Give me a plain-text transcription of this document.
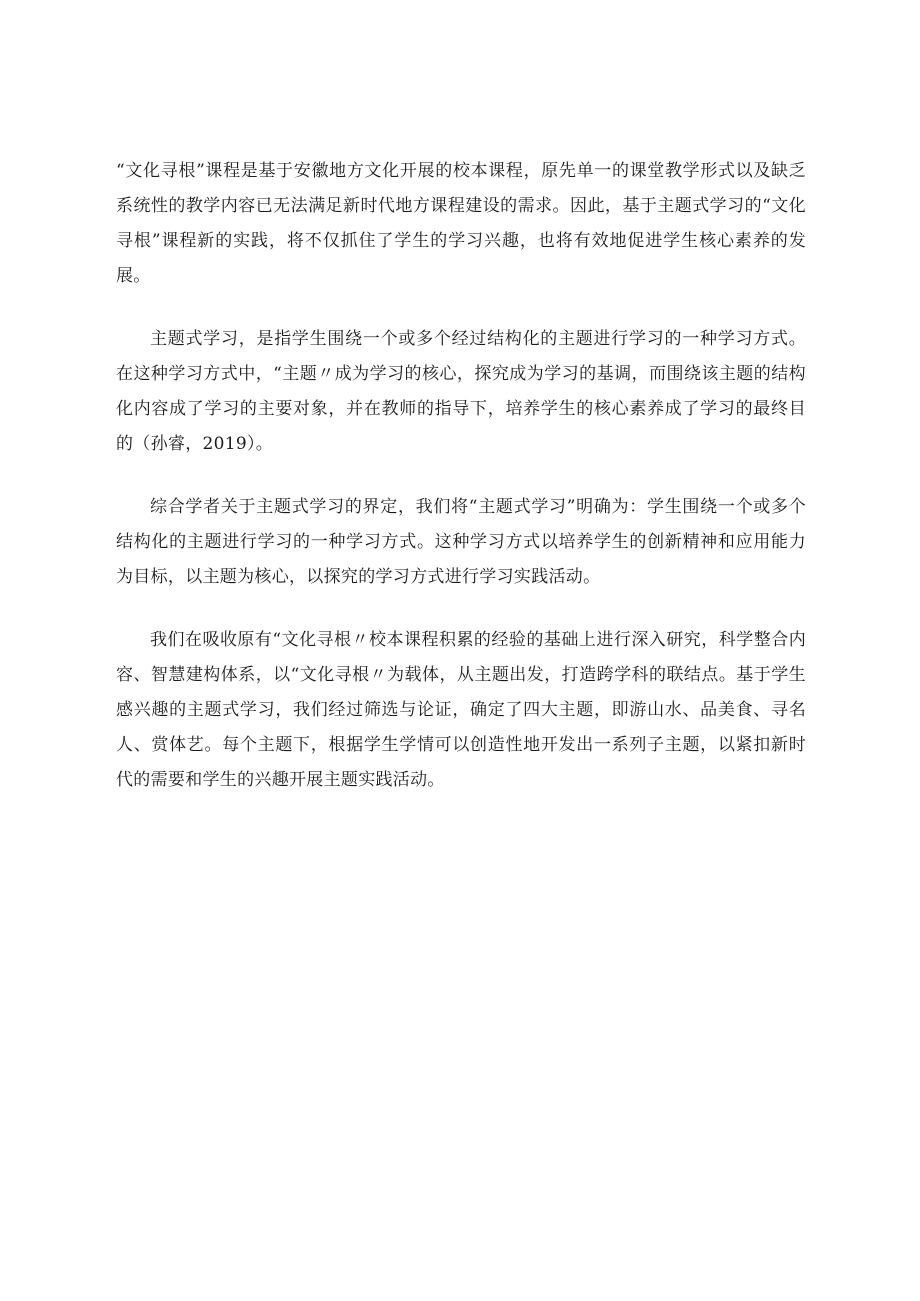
“文化寻根”课程是基于安徽地方文化开展的校本课程，原先单一的课堂教学形式以及缺乏系统性的教学内容已无法满足新时代地方课程建设的需求。因此，基于主题式学习的“文化寻根”课程新的实践，将不仅抓住了学生的学习兴趣，也将有效地促进学生核心素养的发展。

主题式学习，是指学生围绕一个或多个经过结构化的主题进行学习的一种学习方式。在这种学习方式中，“主题〃成为学习的核心，探究成为学习的基调，而围绕该主题的结构化内容成了学习的主要对象，并在教师的指导下，培养学生的核心素养成了学习的最终目的（孙睿，2019）。

综合学者关于主题式学习的界定，我们将“主题式学习”明确为：学生围绕一个或多个结构化的主题进行学习的一种学习方式。这种学习方式以培养学生的创新精神和应用能力为目标，以主题为核心，以探究的学习方式进行学习实践活动。

我们在吸收原有“文化寻根〃校本课程积累的经验的基础上进行深入研究，科学整合内容、智慧建构体系，以“文化寻根〃为载体，从主题出发，打造跨学科的联结点。基于学生感兴趣的主题式学习，我们经过筛选与论证，确定了四大主题，即游山水、品美食、寻名人、赏体艺。每个主题下，根据学生学情可以创造性地开发出一系列子主题，以紧扣新时代的需要和学生的兴趣开展主题实践活动。
